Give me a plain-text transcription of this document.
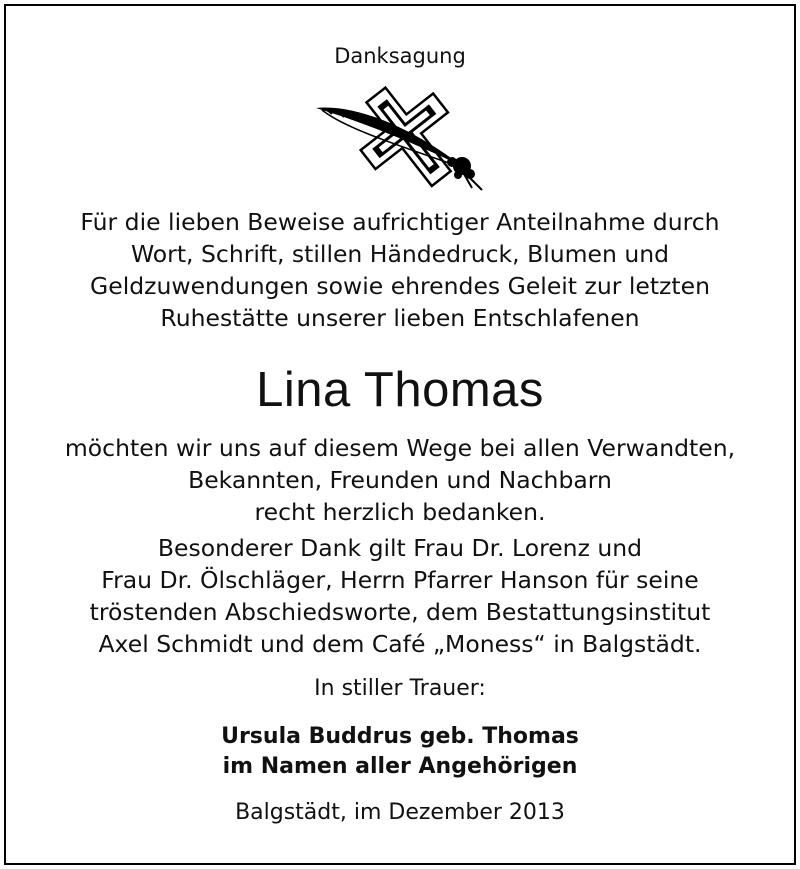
Danksagung
Für die lieben Beweise aufrichtiger Anteilnahme durch
Wort, Schrift, stillen Händedruck, Blumen und
Geldzuwendungen sowie ehrendes Geleit zur letzten
Ruhestätte unserer lieben Entschlafenen
Lina Thomas
möchten wir uns auf diesem Wege bei allen Verwandten,
Bekannten, Freunden und Nachbarn
recht herzlich bedanken.
Besonderer Dank gilt Frau Dr. Lorenz und
Frau Dr. Ölschläger, Herrn Pfarrer Hanson für seine
tröstenden Abschiedsworte, dem Bestattungsinstitut
Axel Schmidt und dem Café „Moness“ in Balgstädt.
In stiller Trauer:
Ursula Buddrus geb. Thomas
im Namen aller Angehörigen
Balgstädt, im Dezember 2013
